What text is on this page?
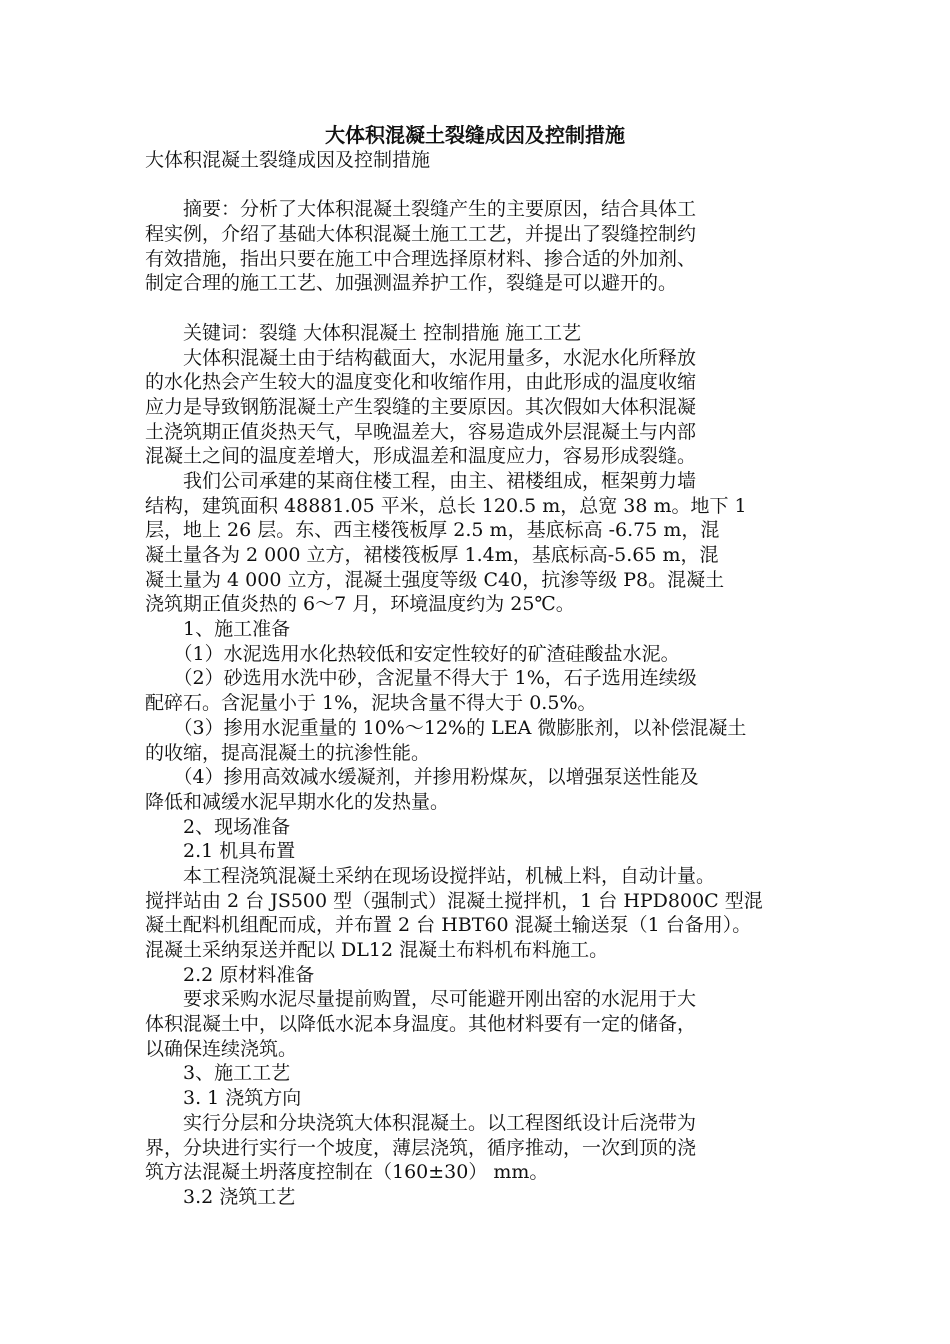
大体积混凝土裂缝成因及控制措施
大体积混凝土裂缝成因及控制措施
　　摘要：分析了大体积混凝土裂缝产生的主要原因，结合具体工
程实例，介绍了基础大体积混凝土施工工艺，并提出了裂缝控制约
有效措施，指出只要在施工中合理选择原材料、掺合适的外加剂、
制定合理的施工工艺、加强测温养护工作，裂缝是可以避开的。
　　关键词：裂缝 大体积混凝土 控制措施 施工工艺
　　大体积混凝土由于结构截面大，水泥用量多，水泥水化所释放
的水化热会产生较大的温度变化和收缩作用，由此形成的温度收缩
应力是导致钢筋混凝土产生裂缝的主要原因。其次假如大体积混凝
土浇筑期正值炎热天气，早晚温差大，容易造成外层混凝土与内部
混凝土之间的温度差增大，形成温差和温度应力，容易形成裂缝。
　　我们公司承建的某商住楼工程，由主、裙楼组成，框架剪力墙
结构，建筑面积 48881.05 平米，总长 120.5 m，总宽 38 m。地下 1
层，地上 26 层。东、西主楼筏板厚 2.5 m，基底标高 -6.75 m，混
凝土量各为 2 000 立方，裙楼筏板厚 1.4m，基底标高-5.65 m，混
凝土量为 4 000 立方，混凝土强度等级 C40，抗渗等级 P8。混凝土
浇筑期正值炎热的 6～7 月，环境温度约为 25℃。
　　1、施工准备
　　（1）水泥选用水化热较低和安定性较好的矿渣硅酸盐水泥。
　　（2）砂选用水洗中砂，含泥量不得大于 1%，石子选用连续级
配碎石。含泥量小于 1%，泥块含量不得大于 0.5%。
　　（3）掺用水泥重量的 10%～12%的 LEA 微膨胀剂，以补偿混凝土
的收缩，提高混凝土的抗渗性能。
　　（4）掺用高效减水缓凝剂，并掺用粉煤灰，以增强泵送性能及
降低和减缓水泥早期水化的发热量。
　　2、现场准备
　　2.1 机具布置
　　本工程浇筑混凝土采纳在现场设搅拌站，机械上料，自动计量。
搅拌站由 2 台 JS500 型（强制式）混凝土搅拌机，1 台 HPD800C 型混
凝土配料机组配而成，并布置 2 台 HBT60 混凝土输送泵（1 台备用）。
混凝土采纳泵送并配以 DL12 混凝土布料机布料施工。
　　2.2 原材料准备
　　要求采购水泥尽量提前购置，尽可能避开刚出窑的水泥用于大
体积混凝土中，以降低水泥本身温度。其他材料要有一定的储备，
以确保连续浇筑。
　　3、施工工艺
　　3. 1 浇筑方向
　　实行分层和分块浇筑大体积混凝土。以工程图纸设计后浇带为
界，分块进行实行一个坡度，薄层浇筑，循序推动，一次到顶的浇
筑方法混凝土坍落度控制在（160±30） mm。
　　3.2 浇筑工艺
